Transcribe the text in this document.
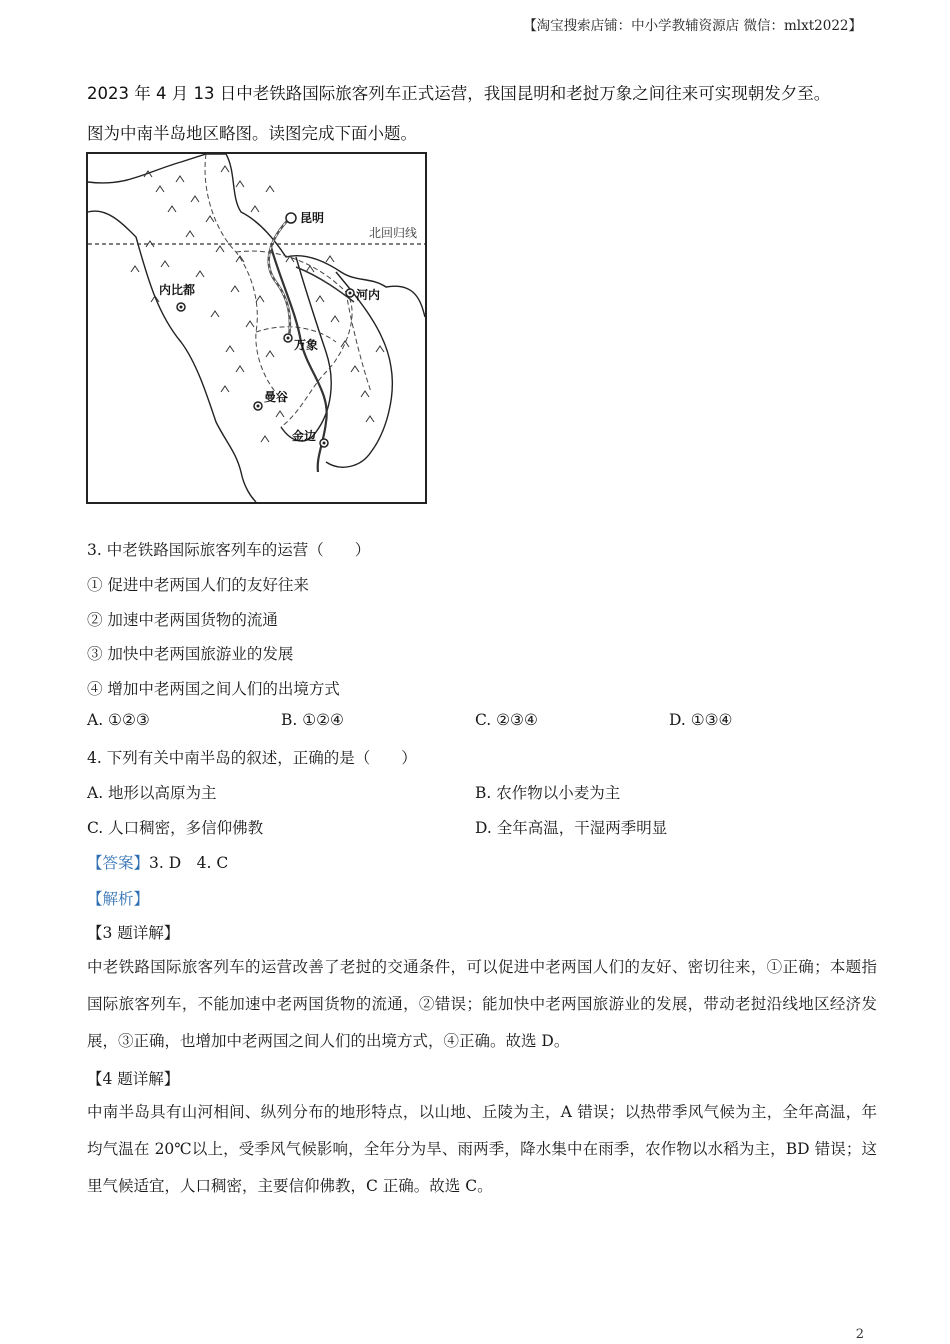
【淘宝搜索店铺：中小学教辅资源店 微信：mlxt2022】
2023 年 4 月 13 日中老铁路国际旅客列车正式运营，我国昆明和老挝万象之间往来可实现朝发夕至。
图为中南半岛地区略图。读图完成下面小题。
北回归线
昆明
内比都	河内
万象
曼谷
金边
3. 中老铁路国际旅客列车的运营（　　）
① 促进中老两国人们的友好往来
② 加速中老两国货物的流通
③ 加快中老两国旅游业的发展
④ 增加中老两国之间人们的出境方式
A. ①②③	B. ①②④	C. ②③④	D. ①③④
4. 下列有关中南半岛的叙述，正确的是（　　）
A. 地形以高原为主	B. 农作物以小麦为主
C. 人口稠密，多信仰佛教	D. 全年高温，干湿两季明显
【答案】3. D　4. C
【解析】
【3 题详解】
中老铁路国际旅客列车的运营改善了老挝的交通条件，可以促进中老两国人们的友好、密切往来，①正确；本题指国际旅客列车，不能加速中老两国货物的流通，②错误；能加快中老两国旅游业的发展，带动老挝沿线地区经济发展，③正确，也增加中老两国之间人们的出境方式，④正确。故选 D。
【4 题详解】
中南半岛具有山河相间、纵列分布的地形特点，以山地、丘陵为主，A 错误；以热带季风气候为主，全年高温，年均气温在 20℃以上，受季风气候影响，全年分为旱、雨两季，降水集中在雨季，农作物以水稻为主，BD 错误；这里气候适宜，人口稠密，主要信仰佛教，C 正确。故选 C。
2
